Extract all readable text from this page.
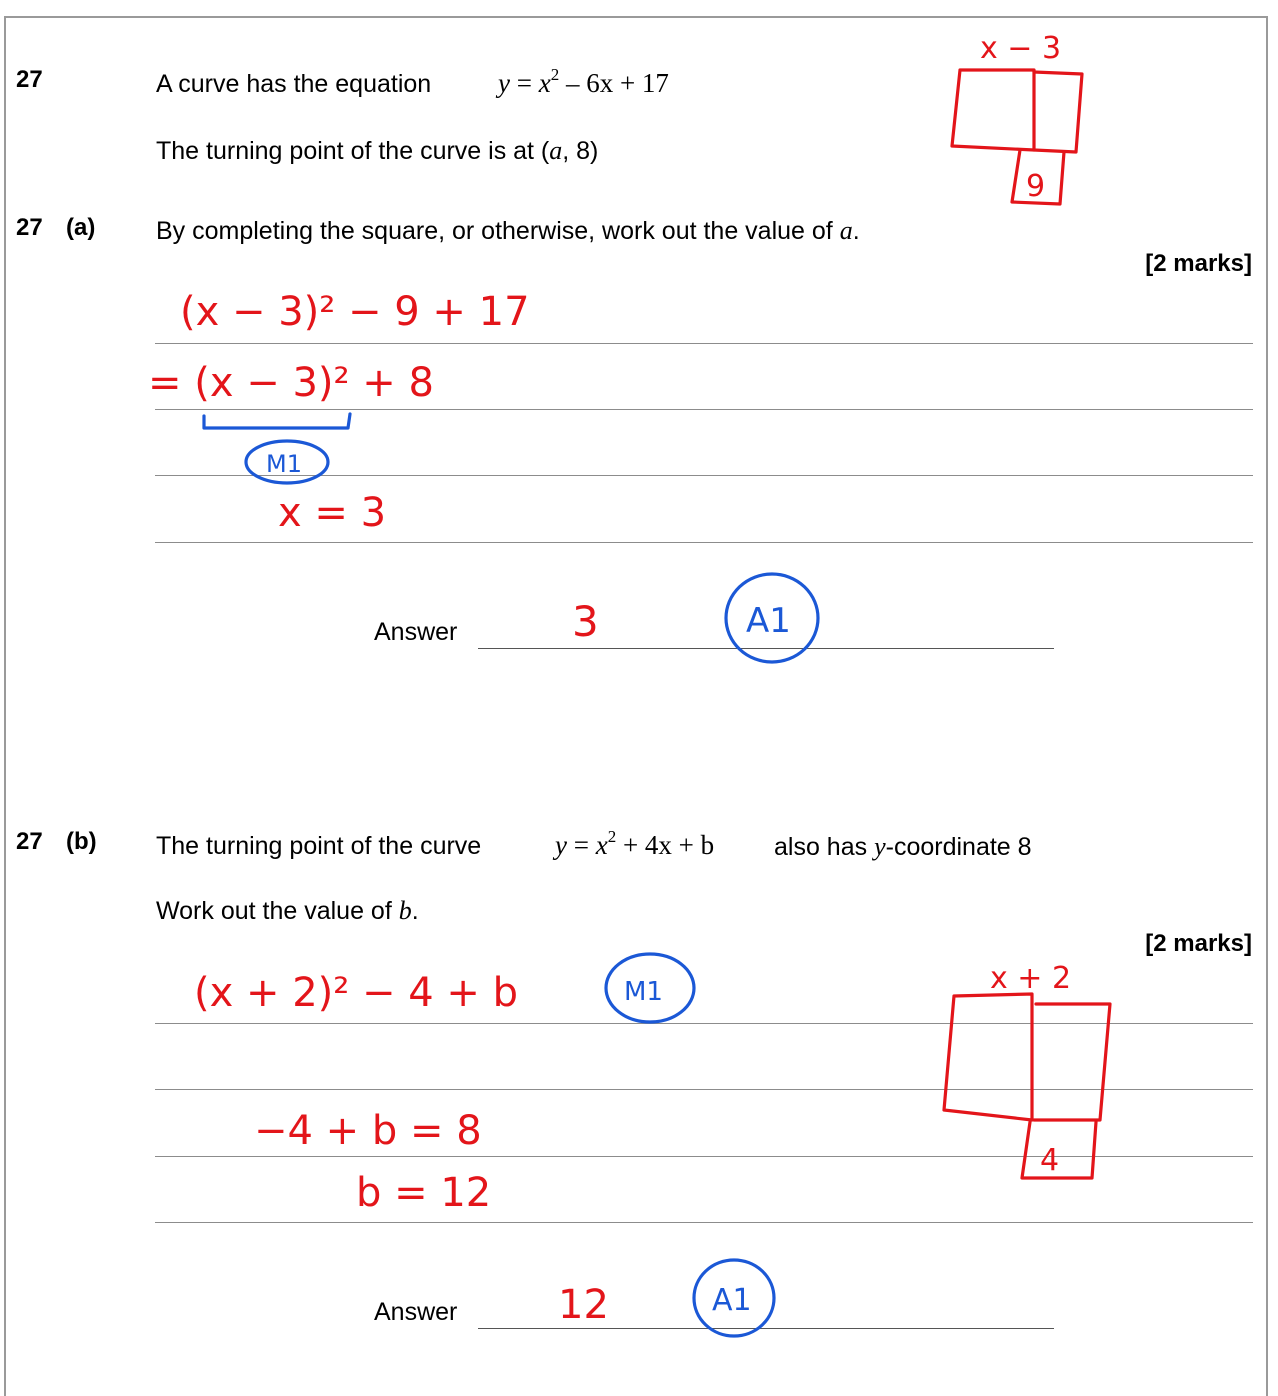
27	A curve has the equation $y = x^2 - 6x + 17$
The turning point of the curve is at (a, 8)
27 (a) By completing the square, or otherwise, work out the value of a.
[2 marks]
Answer
27 (b) The turning point of the curve	$y = x^2 + 4x + b$ also has y-coordinate 8
Work out the value of b.
[2 marks]
Answer
x − 3
9
(x − 3)² − 9 + 17
= (x − 3)² + 8
M1
x = 3
3	A1
x + 2
4
(x + 2)² − 4 + b	M1
−4 + b = 8
b = 12
12	A1
